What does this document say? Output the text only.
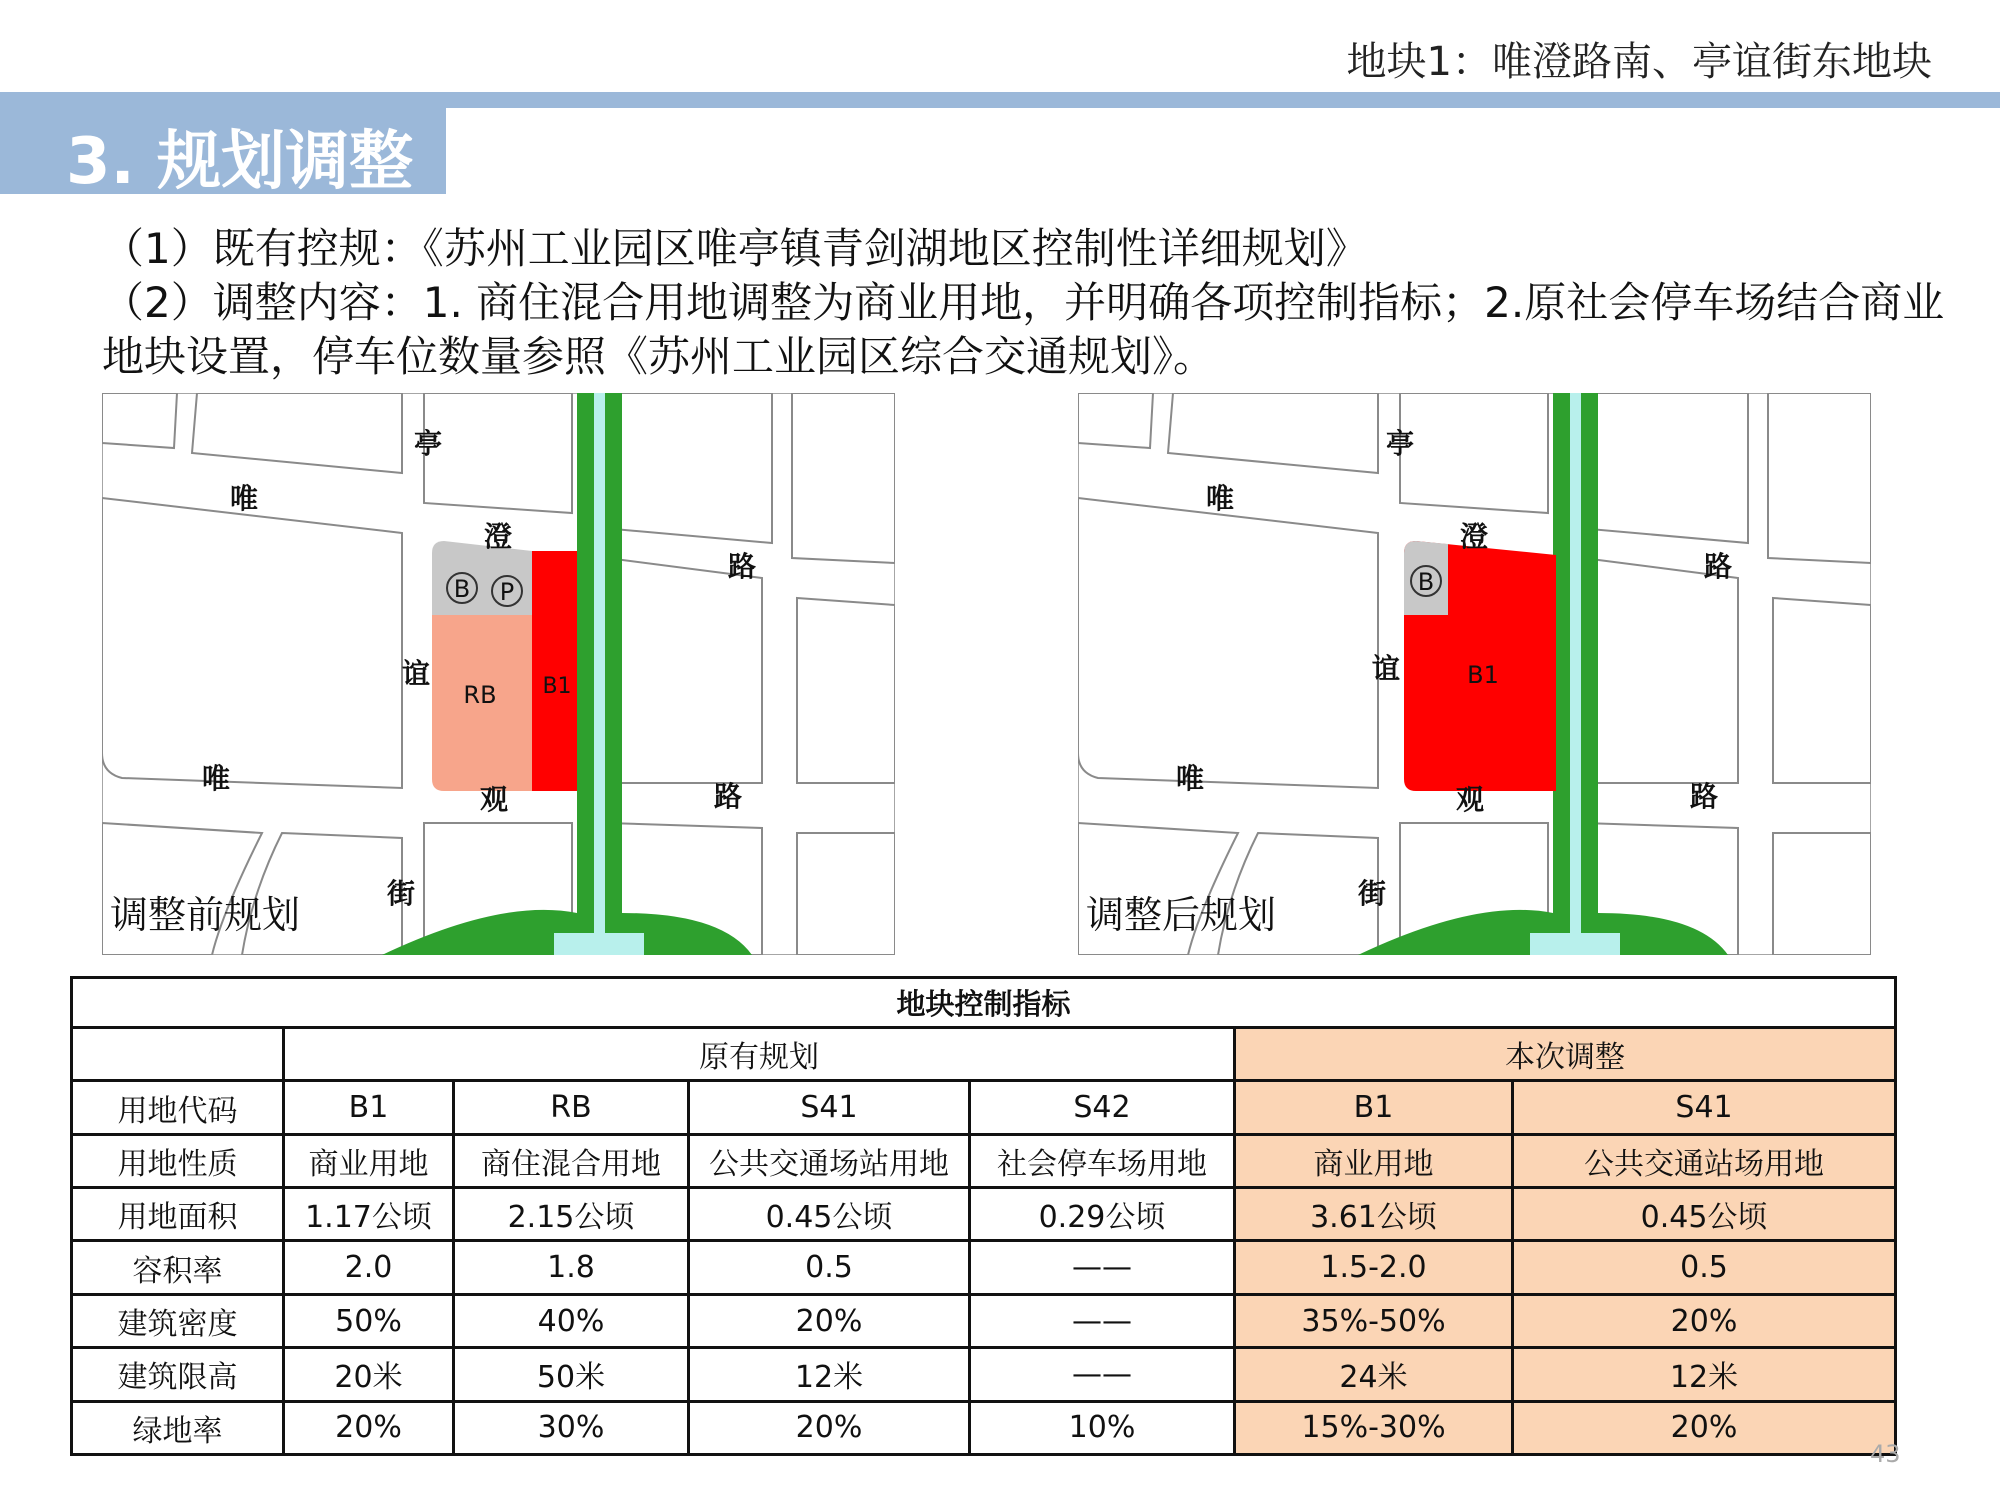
地块1：唯澄路南、亭谊街东地块
3. 规划调整

（1）既有控规：《苏州工业园区唯亭镇青剑湖地区控制性详细规划》

（2）调整内容：1. 商住混合用地调整为商业用地，并明确各项控制指标；2.原社会停车场结合商业地块设置，停车位数量参照《苏州工业园区综合交通规划》。

B P
RB B1
亭
唯
澄
路
谊
唯
观	路
街
调整前规划
B
B1
亭
唯
澄
路
谊
唯
观	路
街
调整后规划
地块控制指标						
	原有规划				本次调整	
用地代码	B1	RB	S41	S42	B1	S41
用地性质	商业用地	商住混合用地	公共交通场站用地	社会停车场用地	商业用地	公共交通站场用地
用地面积	1.17公顷	2.15公顷	0.45公顷	0.29公顷	3.61公顷	0.45公顷
容积率	2.0	1.8	0.5	——	1.5-2.0	0.5
建筑密度	50%	40%	20%	——	35%-50%	20%
建筑限高	20米	50米	12米	——	24米	12米
绿地率	20%	30%	20%	10%	15%-30%	20%
43
